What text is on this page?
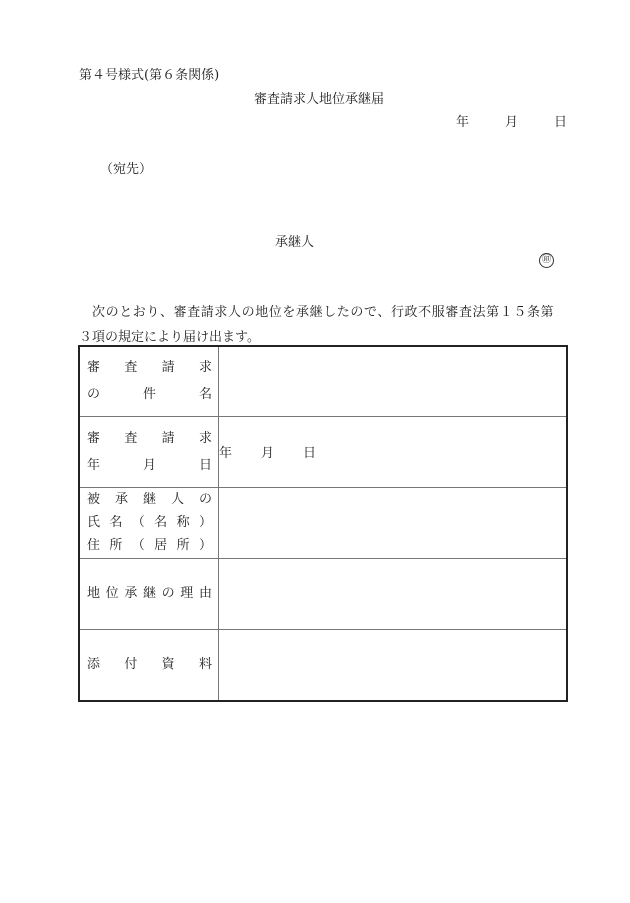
第４号様式(第６条関係)
審査請求人地位承継届
年	月	日
（宛先）
承継人
㊞
次のとおり、審査請求人の地位を承継したので、行政不服審査法第１５条第
３項の規定により届け出ます。
審 査 請 求
の	件	名

審 査 請 求
年	月	日
	年 月 日

被 承 継 人 の
氏 名 （ 名 称 ）
住 所 （ 居 所 ）

地 位 承 継 の 理 由

添 付 資 料	
